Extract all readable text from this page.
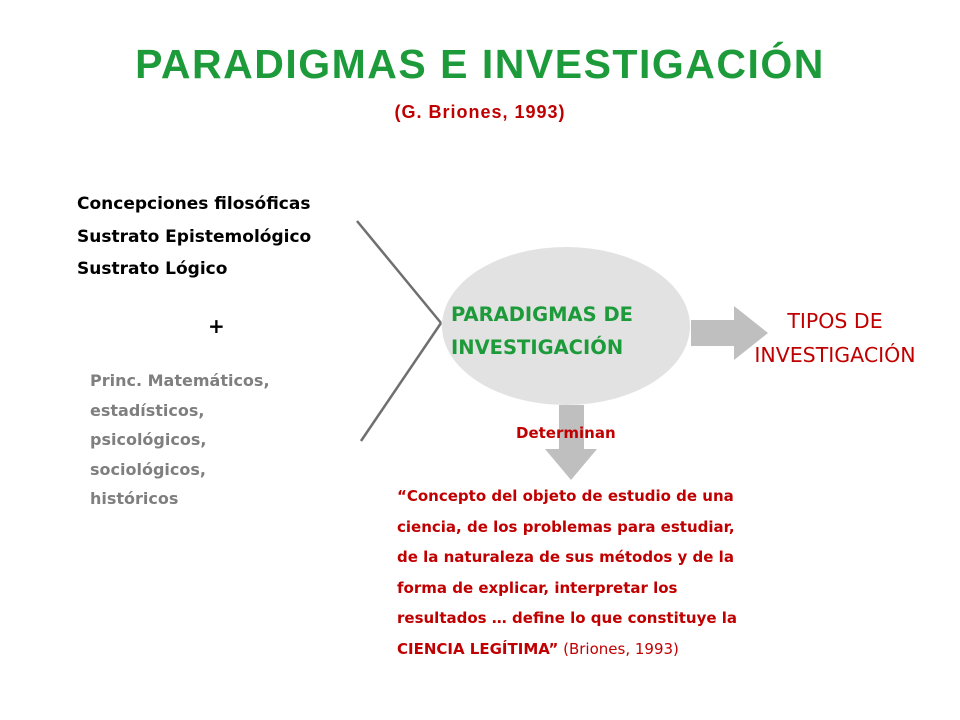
PARADIGMAS E INVESTIGACIÓN
(G. Briones, 1993)
Concepciones filosóficas
Sustrato Epistemológico
Sustrato Lógico
+
Princ. Matemáticos,
estadísticos,
psicológicos,
sociológicos,
históricos
PARADIGMAS DE
INVESTIGACIÓN
TIPOS DE
INVESTIGACIÓN
Determinan
“Concepto del objeto de estudio de una
ciencia, de los problemas para estudiar,
de la naturaleza de sus métodos y de la
forma de explicar, interpretar los
resultados … define lo que constituye la
CIENCIA LEGÍTIMA” (Briones, 1993)
